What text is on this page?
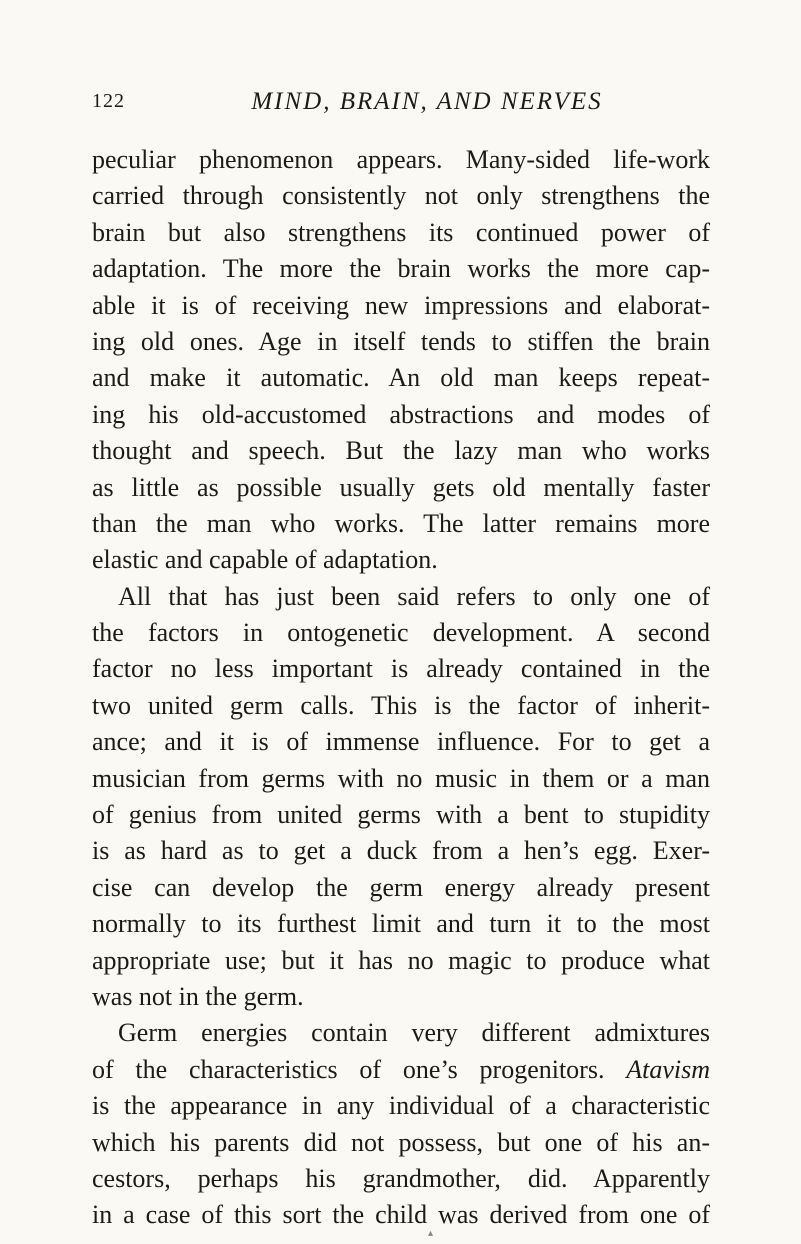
122	MIND, BRAIN, AND NERVES
peculiar phenomenon appears. Many-sided life-work
carried through consistently not only strengthens the
brain but also strengthens its continued power of
adaptation. The more the brain works the more cap-
able it is of receiving new impressions and elaborat-
ing old ones. Age in itself tends to stiffen the brain
and make it automatic. An old man keeps repeat-
ing his old-accustomed abstractions and modes of
thought and speech. But the lazy man who works
as little as possible usually gets old mentally faster
than the man who works. The latter remains more
elastic and capable of adaptation.
All that has just been said refers to only one of
the factors in ontogenetic development. A second
factor no less important is already contained in the
two united germ calls. This is the factor of inherit-
ance; and it is of immense influence. For to get a
musician from germs with no music in them or a man
of genius from united germs with a bent to stupidity
is as hard as to get a duck from a hen’s egg. Exer-
cise can develop the germ energy already present
normally to its furthest limit and turn it to the most
appropriate use; but it has no magic to produce what
was not in the germ.
Germ energies contain very different admixtures
of the characteristics of one’s progenitors. Atavism
is the appearance in any individual of a characteristic
which his parents did not possess, but one of his an-
cestors, perhaps his grandmother, did. Apparently
in a case of this sort the child was derived from one of
▴
